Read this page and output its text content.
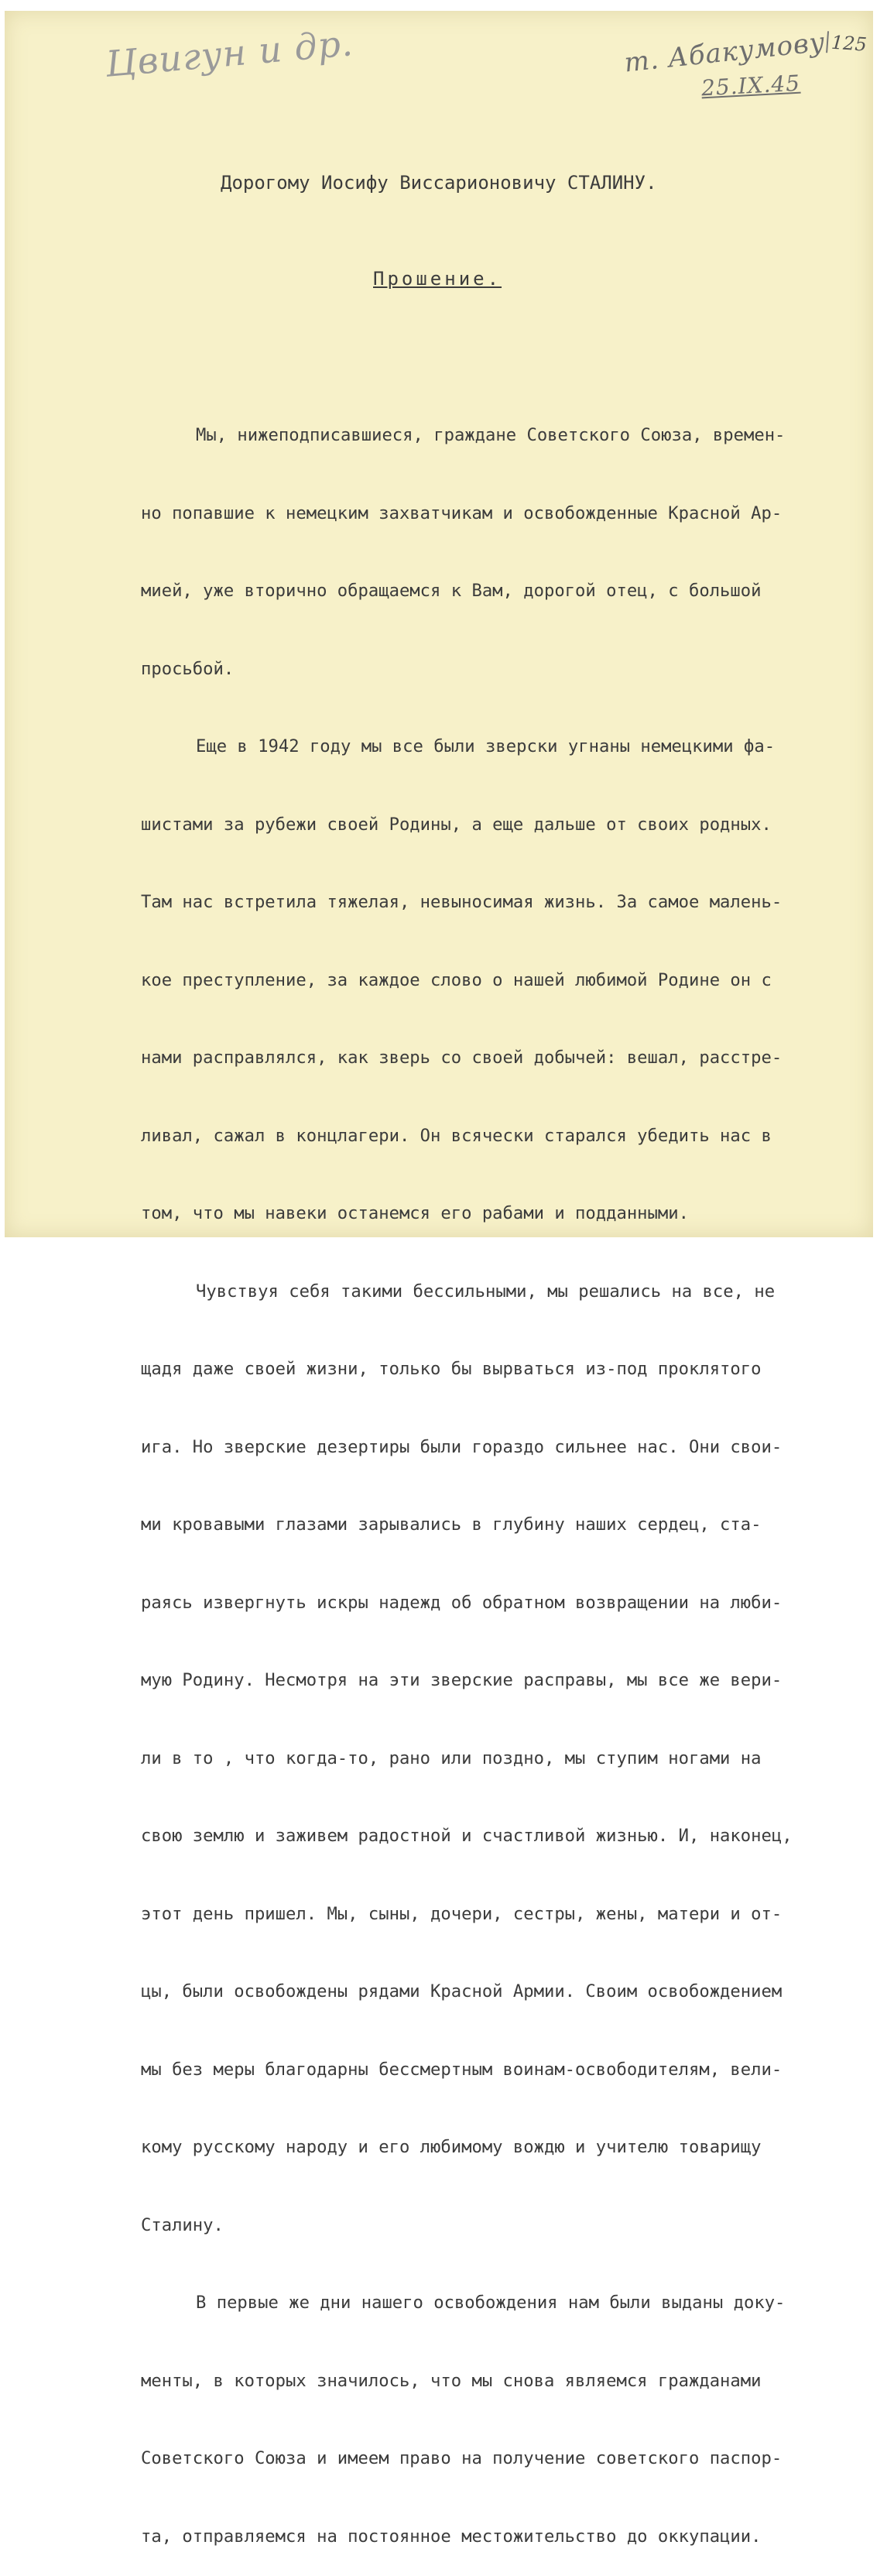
Цвигун и др.	т. Абакумову
25.IX.45
125
Дорогому Иосифу Виссарионовичу СТАЛИНУ.
Прошение.

Мы, нижеподписавшиеся, граждане Советского Союза, времен-

но попавшие к немецким захватчикам и освобожденные Красной Ар-

мией, уже вторично обращаемся к Вам, дорогой отец, с большой

просьбой.

Еще в 1942 году мы все были зверски угнаны немецкими фа-

шистами за рубежи своей Родины, а еще дальше от своих родных.

Там нас встретила тяжелая, невыносимая жизнь. За самое малень-

кое преступление, за каждое слово о нашей любимой Родине он с

нами расправлялся, как зверь со своей добычей: вешал, расстре-

ливал, сажал в концлагери. Он всячески старался убедить нас в

том, что мы навеки останемся его рабами и подданными.

Чувствуя себя такими бессильными, мы решались на все, не

щадя даже своей жизни, только бы вырваться из-под проклятого

ига. Но зверские дезертиры были гораздо сильнее нас. Они свои-

ми кровавыми глазами зарывались в глубину наших сердец, ста-

раясь извергнуть искры надежд об обратном возвращении на люби-

мую Родину. Несмотря на эти зверские расправы, мы все же вери-

ли в то , что когда-то, рано или поздно, мы ступим ногами на

свою землю и заживем радостной и счастливой жизнью. И, наконец,

этот день пришел. Мы, сыны, дочери, сестры, жены, матери и от-

цы, были освобождены рядами Красной Армии. Своим освобождением

мы без меры благодарны бессмертным воинам-освободителям, вели-

кому русскому народу и его любимому вождю и учителю товарищу

Сталину.

В первые же дни нашего освобождения нам были выданы доку-

менты, в которых значилось, что мы снова являемся гражданами

Советского Союза и имеем право на получение советского паспор-

та, отправляемся на постоянное местожительство до оккупации.
